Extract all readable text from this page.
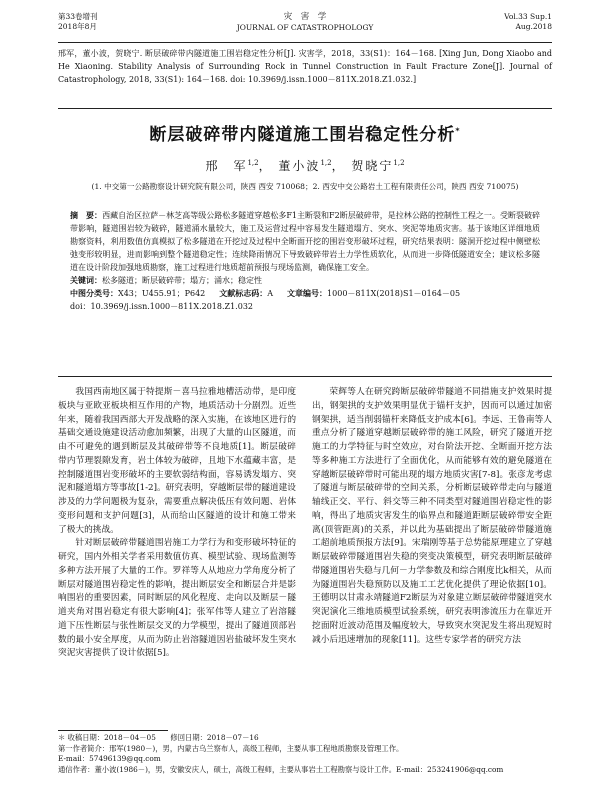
第33卷增刊
2018年8月
灾　害　学
JOURNAL OF CATASTROPHOLOGY
Vol.33 Sup.1
Aug.2018
邢军，董小波，贺晓宁. 断层破碎带内隧道施工围岩稳定性分析[J]. 灾害学，2018，33(S1)：164－168. [Xing Jun, Dong Xiaobo and He Xiaoning. Stability Analysis of Surrounding Rock in Tunnel Construction in Fault Fracture Zone[J]. Journal of Catastrophology, 2018, 33(S1): 164－168. doi: 10.3969/j.issn.1000－811X.2018.Z1.032.]
断层破碎带内隧道施工围岩稳定性分析*
邢　军$^{1,2}$， 董小波$^{1,2}$， 贺晓宁$^{1,2}$
(1. 中交第一公路勘察设计研究院有限公司，陕西 西安 710068；2. 西安中交公路岩土工程有限责任公司，陕西 西安 710075)
摘　要：西藏自治区拉萨－林芝高等级公路松多隧道穿越松多F1主断裂和F2断层破碎带，是拉林公路的控制性工程之一。受断裂破碎带影响，隧道围岩较为破碎，隧道涌水量较大，施工及运营过程中容易发生隧道塌方、突水、突泥等地质灾害。基于该地区详细地质勘察资料，利用数值仿真模拟了松多隧道在开挖过及过程中全断面开挖的围岩变形破坏过程，研究结果表明：隧洞开挖过程中侧壁松弛变形较明显，进而影响到整个隧道稳定性；连续降雨情况下导致破碎带岩土力学性质软化，从而进一步降低隧道安全；建议松多隧道在设计阶段加强地质勘察，施工过程进行地质超前预报与现场监测，确保施工安全。
关键词：松多隧道；断层破碎带；塌方；涌水；稳定性
中图分类号：X43；U455.91；P642 文献标志码：A 文章编号：1000－811X(2018)S1－0164－05
doi：10.3969/j.issn.1000－811X.2018.Z1.032

我国西南地区属于特提斯－喜马拉雅地槽活动带，是印度板块与亚欧亚板块相互作用的产物，地质活动十分剧烈。近些年来，随着我国西部大开发战略的深入实施，在该地区进行的基础交通设施建设活动愈加频繁，出现了大量的山区隧道，而由不可避免的遇到断层及其破碎带等不良地质[1]。断层破碎带内节理裂隙发育，岩土体较为破碎，且地下水蕴藏丰富，是控制隧道围岩变形破坏的主要软弱结构面，容易诱发塌方、突泥和隧道塌方等事故[1-2]。研究表明，穿越断层带的隧道建设涉及的力学问题极为复杂，需要重点解决低压有效问题、岩体变形问题和支护问题[3]，从而给山区隧道的设计和施工带来了极大的挑战。

针对断层破碎带隧道围岩施工力学行为和变形破坏特征的研究，国内外相关学者采用数值仿真、模型试验、现场监测等多种方法开展了大量的工作。罗祥等人从地应力学角度分析了断层对隧道围岩稳定性的影响，提出断层安全和断层合并是影响围岩的重要因素，同时断层的风化程度、走向以及断层－隧道夹角对围岩稳定有很大影响[4]；张军伟等人建立了岩溶隧道下压性断层与张性断层交叉的力学模型，提出了隧道顶部岩数的最小安全厚度，从而为防止岩溶隧道因岩盐破坏发生突水突泥灾害提供了设计依据[5]。

荣辉等人在研究跨断层破碎带隧道不同措施支护效果时提出，钢架拱的支护效果明显优于锚杆支护，因而可以通过加密钢架拱，适当削弱锚杆来降低支护成本[6]。李远、王鲁南等人重点分析了隧道穿越断层破碎带的施工风险，研究了隧道开挖施工的力学特征与时空效应，对台阶法开挖、全断面开挖方法等多种施工方法进行了全面优化，从而能够有效的避免隧道在穿越断层破碎带时可能出现的塌方地质灾害[7-8]。张彦龙考虑了隧道与断层破碎带的空间关系，分析断层破碎带走向与隧道轴线正交、平行、斜交等三种不同类型对隧道围岩稳定性的影响，得出了地质灾害发生的临界点和隧道距断层破碎带安全距离(顶管距离)的关系，并以此为基础提出了断层破碎带隧道施工超前地质预报方法[9]。宋瑞刚等基于总势能原理建立了穿越断层破碎带隧道围岩失稳的突变决策模型，研究表明断层破碎带隧道围岩失稳与几何－力学参数及和综合刚度比k相关，从而为隧道围岩失稳预防以及施工工艺优化提供了理论依据[10]。王德明以甘肃永靖隧道F2断层为对象建立断层破碎带隧道突水突泥演化三维地质模型试验系统，研究表明渗流压力在靠近开挖面附近波动范围及幅度较大，导致突水突泥发生将出现短时减小后迅速增加的现象[11]。这些专家学者的研究方法

＊ 收稿日期：2018－04－05　　修回日期：2018－07－16
第一作者简介：邢军(1980－)，男，内蒙古乌兰察布人，高级工程师，主要从事工程地质勘察及管理工作。
E-mail：57496139@qq.com
通信作者：董小波(1986－)，男，安徽安庆人，硕士，高级工程师，主要从事岩土工程勘察与设计工作。E-mail：253241906@qq.com
